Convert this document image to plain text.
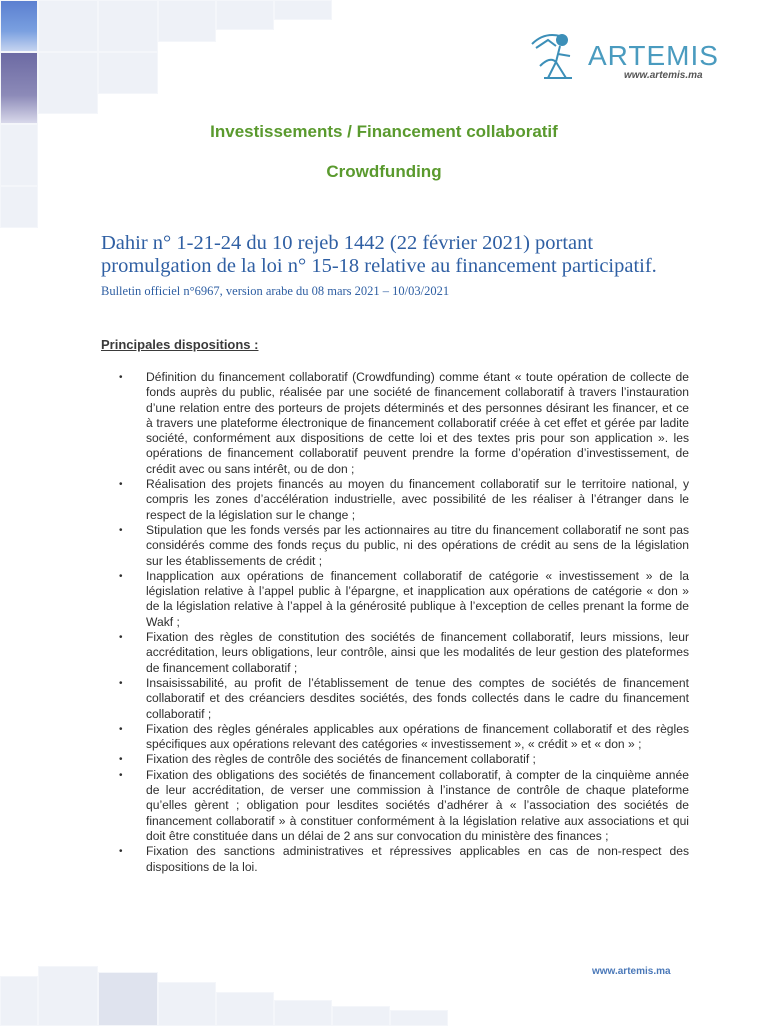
ARTEMIS
www.artemis.ma
Investissements / Financement collaboratif
Crowdfunding
Dahir n° 1-21-24 du 10 rejeb 1442 (22 février 2021) portant promulgation de la loi n° 15-18 relative au financement participatif. Bulletin officiel n°6967, version arabe du 08 mars 2021 – 10/03/2021
Principales dispositions :
•	Définition du financement collaboratif (Crowdfunding) comme étant « toute opération de collecte de fonds auprès du public, réalisée par une société de financement collaboratif à travers l’instauration d’une relation entre des porteurs de projets déterminés et des personnes désirant les financer, et ce à travers une plateforme électronique de financement collaboratif créée à cet effet et gérée par ladite société, conformément aux dispositions de cette loi et des textes pris pour son application ». les opérations de financement collaboratif peuvent prendre la forme d’opération d’investissement, de crédit avec ou sans intérêt, ou de don ;
•	Réalisation des projets financés au moyen du financement collaboratif sur le territoire national, y compris les zones d’accélération industrielle, avec possibilité de les réaliser à l’étranger dans le respect de la législation sur le change ;
•	Stipulation que les fonds versés par les actionnaires au titre du financement collaboratif ne sont pas considérés comme des fonds reçus du public, ni des opérations de crédit au sens de la législation sur les établissements de crédit ;
•	Inapplication aux opérations de financement collaboratif de catégorie « investissement » de la législation relative à l’appel public à l’épargne, et inapplication aux opérations de catégorie « don » de la législation relative à l’appel à la générosité publique à l’exception de celles prenant la forme de Wakf ;
•	Fixation des règles de constitution des sociétés de financement collaboratif, leurs missions, leur accréditation, leurs obligations, leur contrôle, ainsi que les modalités de leur gestion des plateformes de financement collaboratif ;
•	Insaisissabilité, au profit de l’établissement de tenue des comptes de sociétés de financement collaboratif et des créanciers desdites sociétés, des fonds collectés dans le cadre du financement collaboratif ;
•	Fixation des règles générales applicables aux opérations de financement collaboratif et des règles spécifiques aux opérations relevant des catégories « investissement », « crédit » et « don » ;
•	Fixation des règles de contrôle des sociétés de financement collaboratif ;
•	Fixation des obligations des sociétés de financement collaboratif, à compter de la cinquième année de leur accréditation, de verser une commission à l’instance de contrôle de chaque plateforme qu’elles gèrent ; obligation pour lesdites sociétés d’adhérer à « l’association des sociétés de financement collaboratif » à constituer conformément à la législation relative aux associations et qui doit être constituée dans un délai de 2 ans sur convocation du ministère des finances ;
•	Fixation des sanctions administratives et répressives applicables en cas de non-respect des dispositions de la loi.
www.artemis.ma
